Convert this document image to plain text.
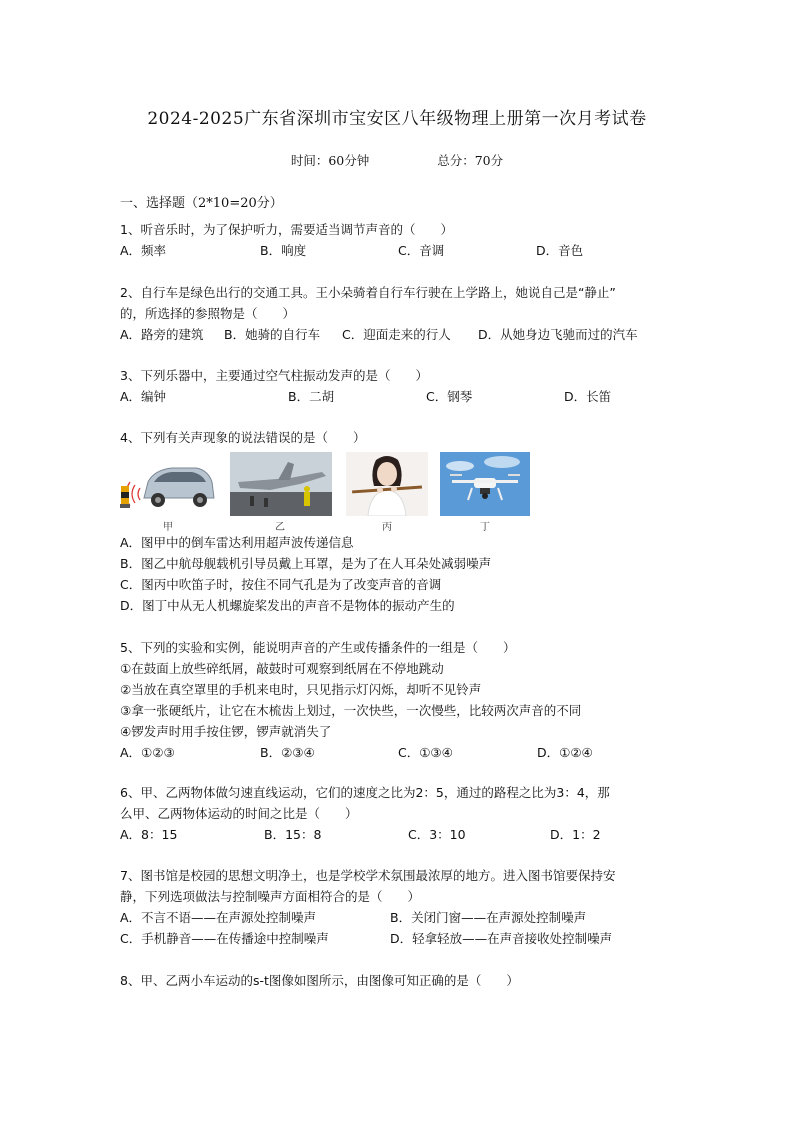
2024-2025广东省深圳市宝安区八年级物理上册第一次月考试卷
时间：60分钟	总分：70分
一、选择题（2*10=20分）
1、听音乐时，为了保护听力，需要适当调节声音的（　　）
A．频率	B．响度	C．音调	D．音色
2、自行车是绿色出行的交通工具。王小朵骑着自行车行驶在上学路上，她说自己是“静止”
的，所选择的参照物是（　　）
A．路旁的建筑 B．她骑的自行车 C．迎面走来的行人 D．从她身边飞驰而过的汽车
3、下列乐器中，主要通过空气柱振动发声的是（　　）
A．编钟	B．二胡	C．钢琴	D．长笛
4、下列有关声现象的说法错误的是（　　）
甲	乙	丙	丁
A．图甲中的倒车雷达利用超声波传递信息
B．图乙中航母舰载机引导员戴上耳罩，是为了在人耳朵处减弱噪声
C．图丙中吹笛子时，按住不同气孔是为了改变声音的音调
D．图丁中从无人机螺旋桨发出的声音不是物体的振动产生的
5、下列的实验和实例，能说明声音的产生或传播条件的一组是（　　）
①在鼓面上放些碎纸屑，敲鼓时可观察到纸屑在不停地跳动
②当放在真空罩里的手机来电时，只见指示灯闪烁，却听不见铃声
③拿一张硬纸片，让它在木梳齿上划过，一次快些，一次慢些，比较两次声音的不同
④锣发声时用手按住锣，锣声就消失了
A．①②③	B．②③④	C．①③④	D．①②④
6、甲、乙两物体做匀速直线运动，它们的速度之比为2：5，通过的路程之比为3：4，那
么甲、乙两物体运动的时间之比是（　　）
A．8：15	B．15：8	C．3：10	D．1：2
7、图书馆是校园的思想文明净土，也是学校学术氛围最浓厚的地方。进入图书馆要保持安
静，下列选项做法与控制噪声方面相符合的是（　　）
A．不言不语——在声源处控制噪声	B．关闭门窗——在声源处控制噪声
C．手机静音——在传播途中控制噪声	D．轻拿轻放——在声音接收处控制噪声
8、甲、乙两小车运动的s-t图像如图所示，由图像可知正确的是（　　）
